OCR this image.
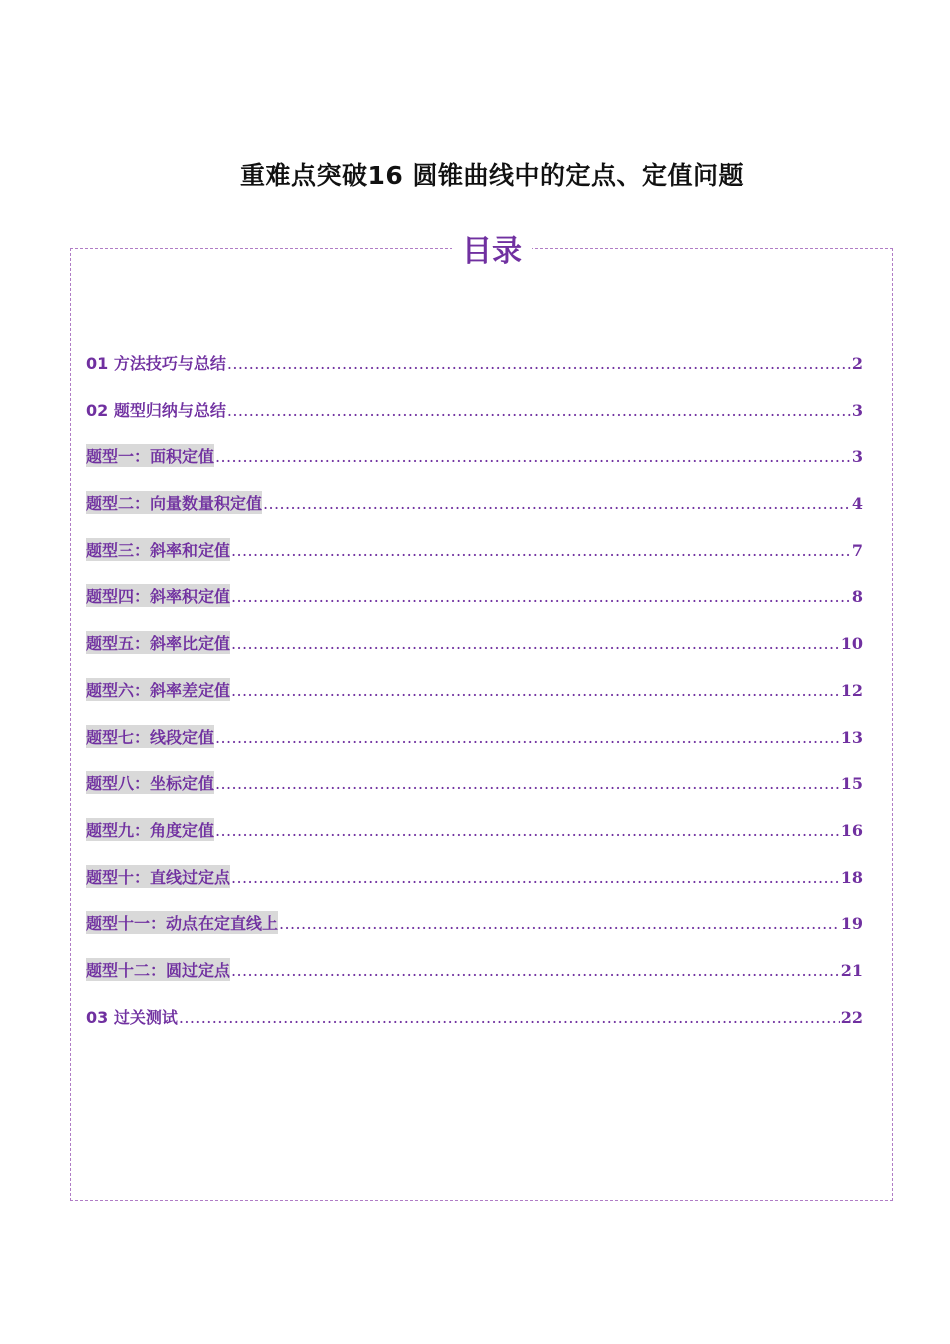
重难点突破16 圆锥曲线中的定点、定值问题
目录
01 方法技巧与总结 .....	2
02 题型归纳与总结 .....	3
题型一：面积定值 .....	3
题型二：向量数量积定值 .....	4
题型三：斜率和定值 .....	7
题型四：斜率积定值 .....	8
题型五：斜率比定值 .....	10
题型六：斜率差定值 .....	12
题型七：线段定值 .....	13
题型八：坐标定值 .....	15
题型九：角度定值 .....	16
题型十：直线过定点 .....	18
题型十一：动点在定直线上 .....	19
题型十二：圆过定点 .....	21
03 过关测试 .....	22
